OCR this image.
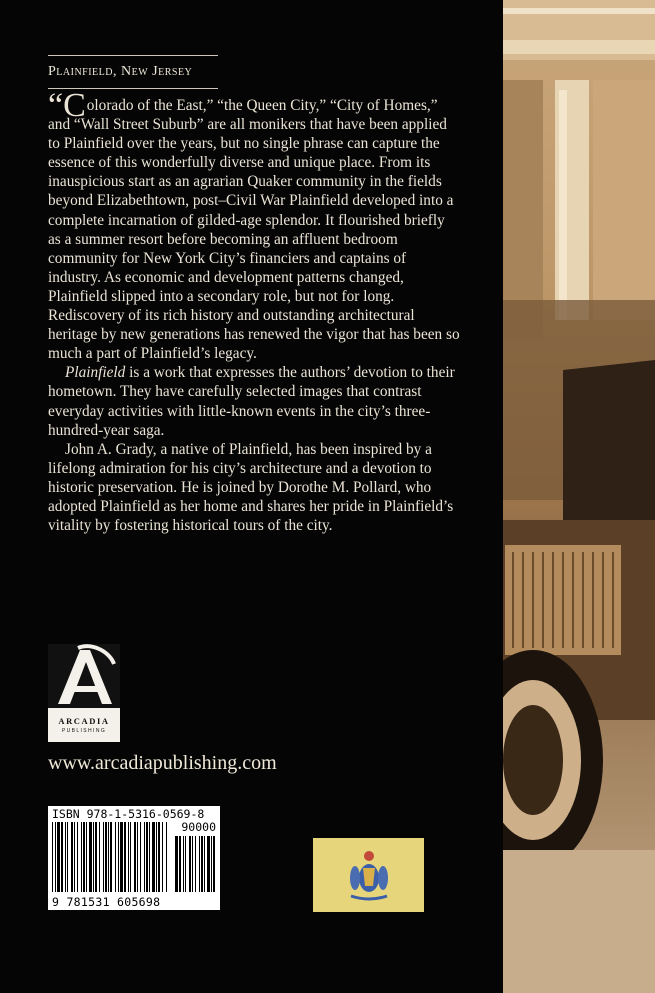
Plainfield, New Jersey

“Colorado of the East,” “the Queen City,” “City of Homes,” and “Wall Street Suburb” are all monikers that have been applied to Plainfield over the years, but no single phrase can capture the essence of this wonderfully diverse and unique place. From its inauspicious start as an agrarian Quaker community in the fields beyond Elizabethtown, post–Civil War Plainfield developed into a complete incarnation of gilded-age splendor. It flourished briefly as a summer resort before becoming an affluent bedroom community for New York City’s financiers and captains of industry. As economic and development patterns changed, Plainfield slipped into a secondary role, but not for long. Rediscovery of its rich history and outstanding architectural heritage by new generations has renewed the vigor that has been so much a part of Plainfield’s legacy.

Plainfield is a work that expresses the authors’ devotion to their hometown. They have carefully selected images that contrast everyday activities with little-known events in the city’s three-hundred-year saga.

John A. Grady, a native of Plainfield, has been inspired by a lifelong admiration for his city’s architecture and a devotion to historic preservation. He is joined by Dorothe M. Pollard, who adopted Plainfield as her home and shares her pride in Plainfield’s vitality by fostering historical tours of the city.

ARCADIA
PUBLISHING
www.arcadiapublishing.com
ISBN 978-1-5316-0569-8
90000
9 781531 605698
